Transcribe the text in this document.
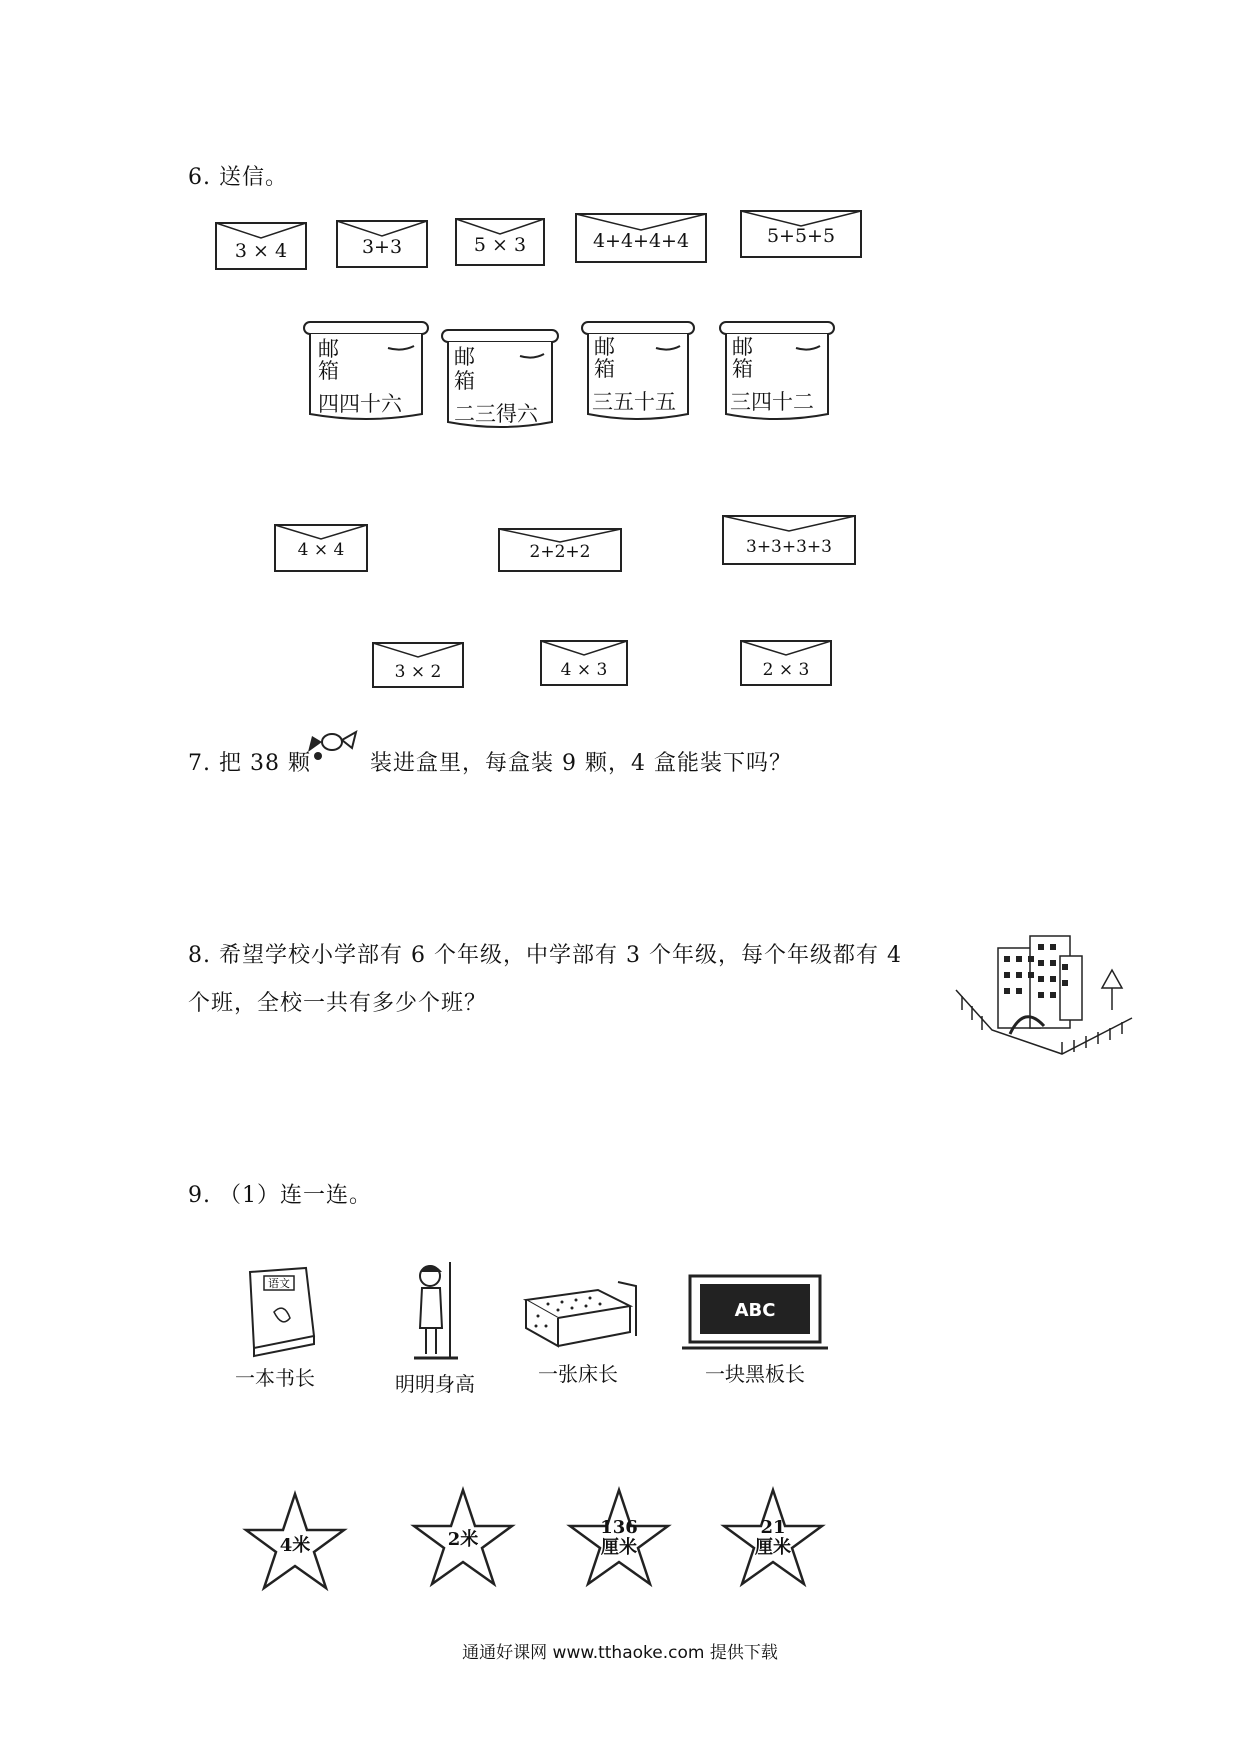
6. 送信。
3 × 4	3+3	5 × 3	4+4+4+4	5+5+5
邮
箱
四四十六
邮
箱
二三得六
邮
箱
三五十五
邮
箱
三四十二
4 × 4	2+2+2	3+3+3+3
3 × 2	4 × 3	2 × 3
7. 把 38 颗	装进盒里，每盒装 9 颗，4 盒能装下吗？
8. 希望学校小学部有 6 个年级，中学部有 3 个年级，每个年级都有 4
个班，全校一共有多少个班？
9. （1）连一连。
语文
一本书长	明明身高	一张床长
ABC
一块黑板长
4米	2米
136
厘米
21
厘米
通通好课网 www.tthaoke.com 提供下载
